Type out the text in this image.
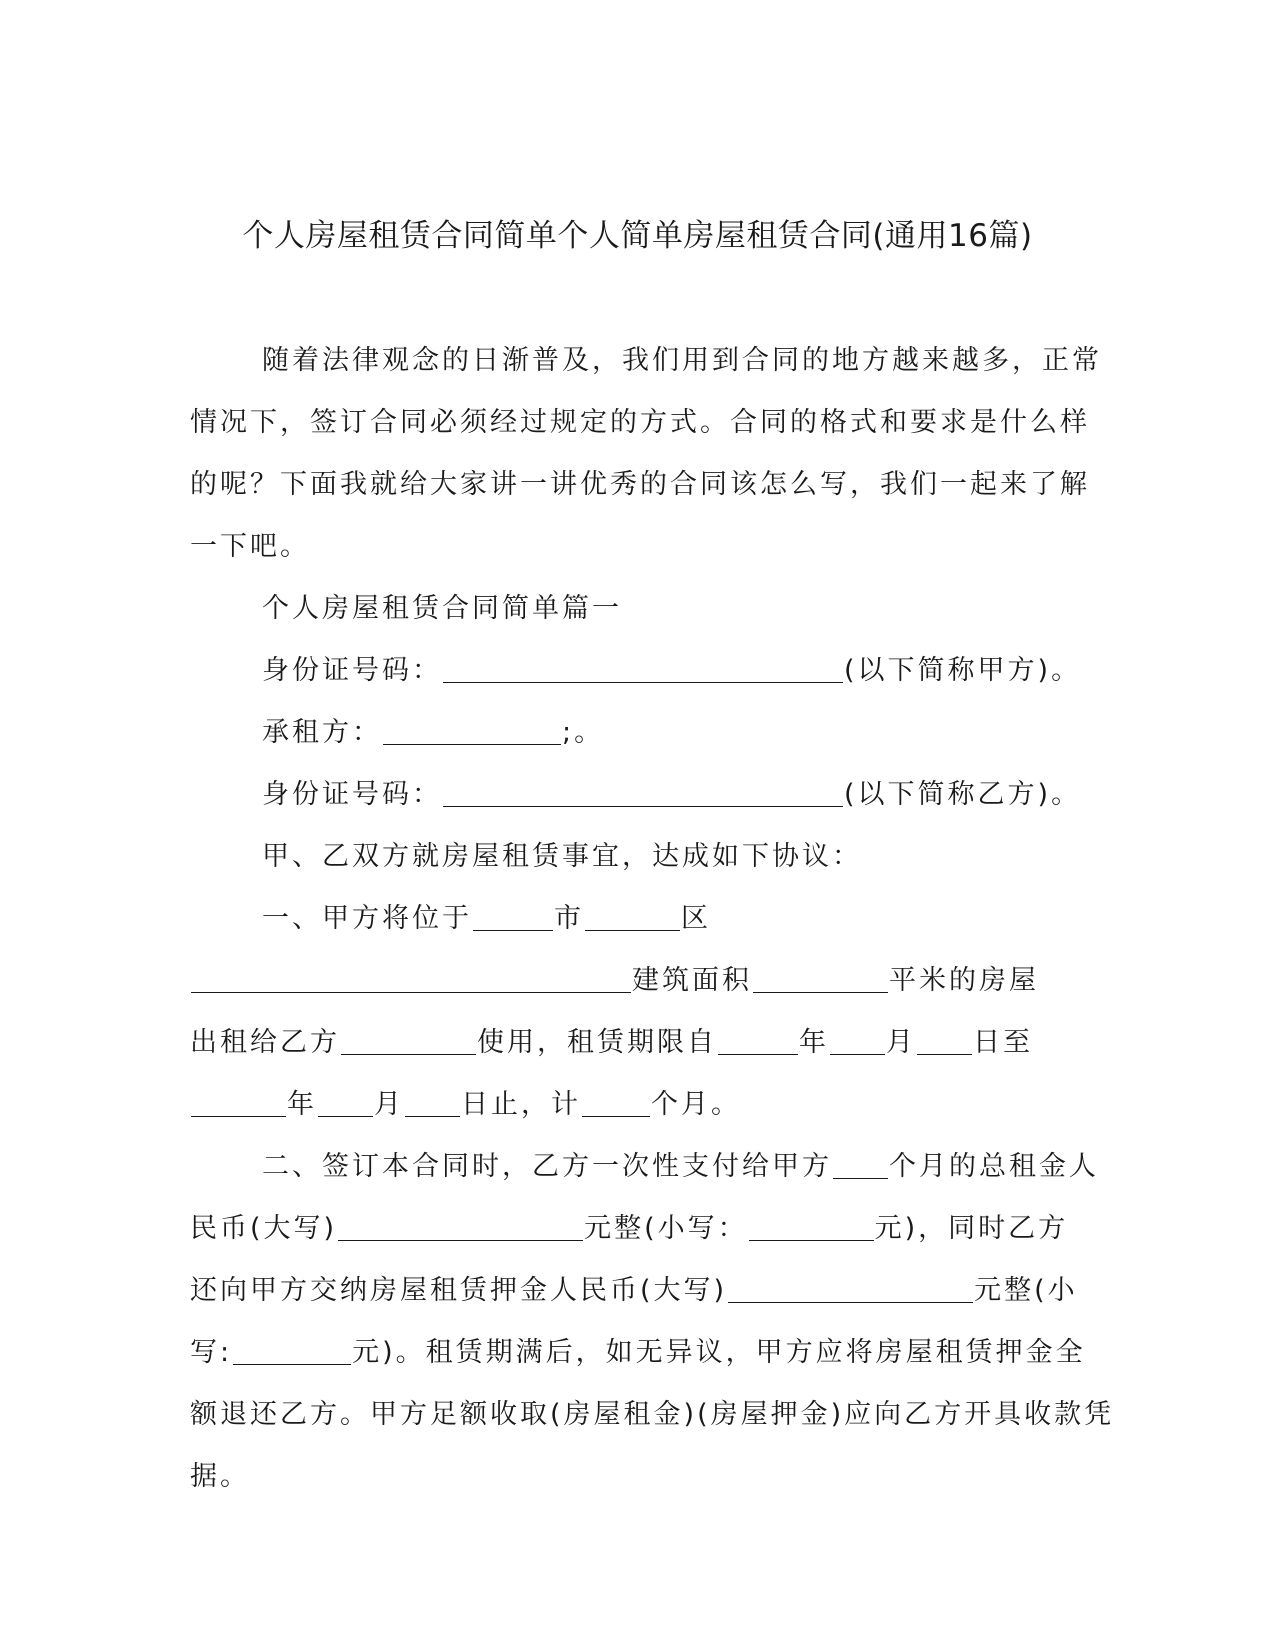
个人房屋租赁合同简单个人简单房屋租赁合同(通用16篇)
随着法律观念的日渐普及，我们用到合同的地方越来越多，正常
情况下，签订合同必须经过规定的方式。合同的格式和要求是什么样
的呢？下面我就给大家讲一讲优秀的合同该怎么写，我们一起来了解
一下吧。
个人房屋租赁合同简单篇一
身份证号码：	(以下简称甲方)。
承租方：	;。
身份证号码：	(以下简称乙方)。
甲、乙双方就房屋租赁事宜，达成如下协议：
一、甲方将位于	市	区
建筑面积	平米的房屋
出租给乙方	使用，租赁期限自	年 月 日至
年 月 日止，计	个月。
二、签订本合同时，乙方一次性支付给甲方 个月的总租金人
民币(大写)	元整(小写：	元)，同时乙方
还向甲方交纳房屋租赁押金人民币(大写)	元整(小
写:	元)。租赁期满后，如无异议，甲方应将房屋租赁押金全
额退还乙方。甲方足额收取(房屋租金)(房屋押金)应向乙方开具收款凭
据。
